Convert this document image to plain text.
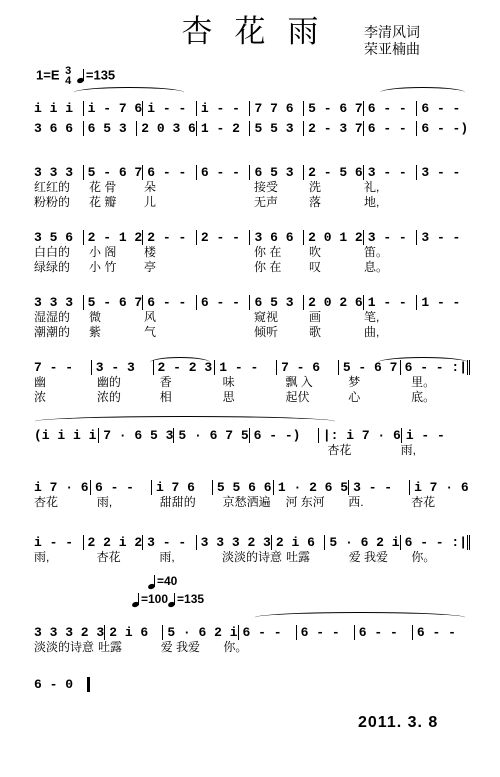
杏花雨	李清风词
荣亚楠曲
1=E 3
4 =135
i i i	i - 7 6 i - -	i - -	7 7 6	5 - 6 7 6 - -	6 - -
3 6 6	6 5 3	2 0 3 6 1 - 2	5 5 3	2 - 3 7 6 - -	6 - -)
3 3 3	5 - 6 7 6 - -	6 - -	6 5 3	2 - 5 6 3 - -	3 - -
红红的	花 骨	朵	接受	洗	礼,
粉粉的	花 瓣	儿	无声	落	地,
3 5 6	2 - 1 2 2 - -	2 - -	3 6 6	2 0 1 2 3 - -	3 - -
白白的	小 阁	楼	你 在	吹	笛。
绿绿的	小 竹	亭	你 在	叹	息。
3 3 3	5 - 6 7 6 - -	6 - -	6 5 3	2 0 2 6 1 - -	1 - -
湿湿的	微	风	窥视	画	笔,
潮潮的	紫	气	倾听	歌	曲,
7 - -	3 - 3	2 - 2 3 1 - -	7 - 6	5 - 6 7 6 - - :|
幽	幽的	香	味	飘 入	梦	里。
浓	浓的	相	思	起伏	心	底。
(i i i i 7 · 6 5 3 5 · 6 7 5 6 - -)	|: i 7 · 6 i - -
杏花	雨,
i 7 · 6 6 - -	i 7 6	5 5 6 6 1 · 2 6 5 3 - -	i 7 · 6
杏花	雨,	甜甜的	京愁洒遍	河 东河	西.	杏花
i - -	2 2 i 2 3 - -	3 3 3 2 3 2 i 6	5 · 6 2 i 6 - - :|
雨,	杏花	雨,	淡淡的诗意 吐露	爱 我爱	你。
3 3 3 2 3 2 i 6	5 · 6 2 i 6 - -	6 - -	6 - -	6 - -
淡淡的诗意 吐露	爱 我爱	你。
6 - 0
=40
=100 =135
2011. 3. 8
